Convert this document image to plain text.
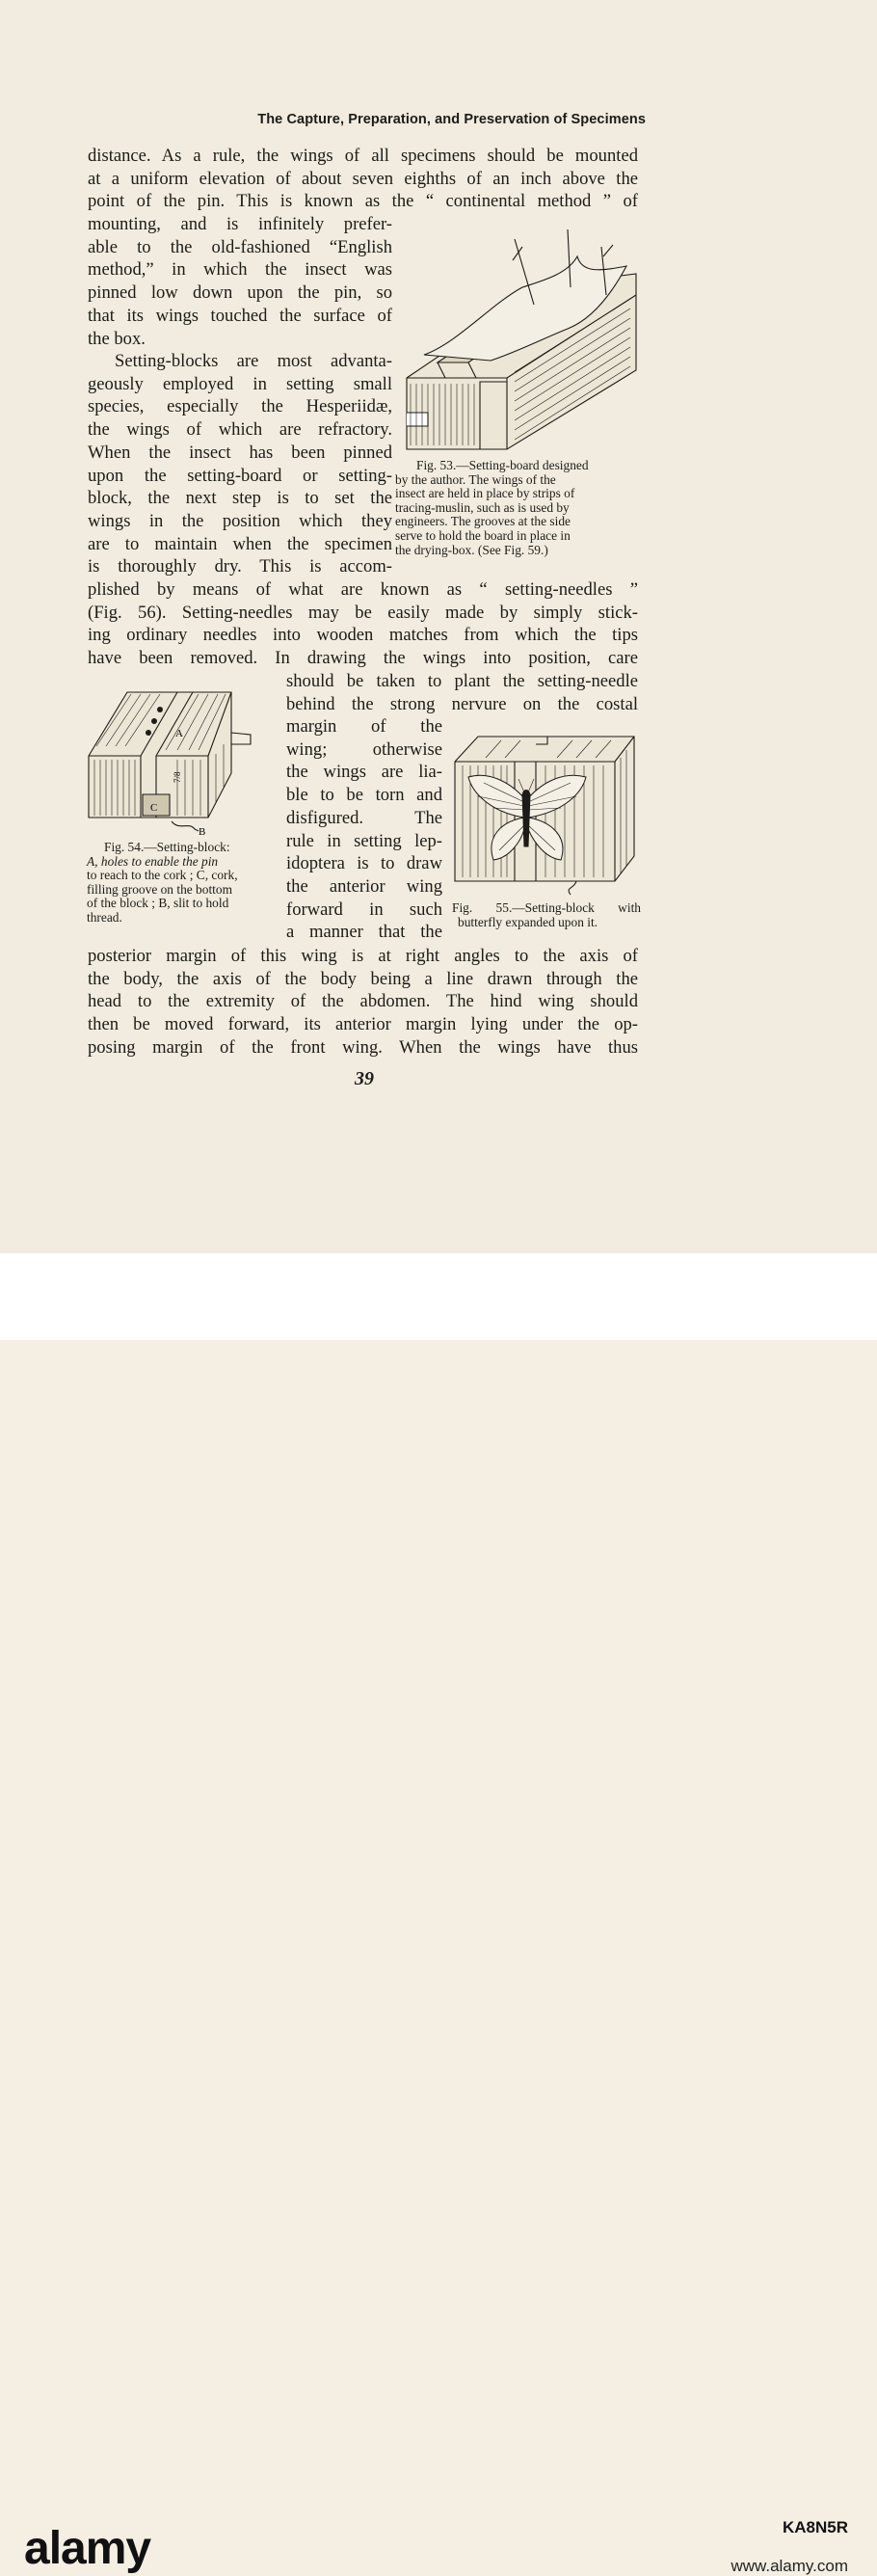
The Capture, Preparation, and Preservation of Specimens
distance. As a rule, the wings of all specimens should be mounted
at a uniform elevation of about seven eighths of an inch above the
point of the pin. This is known as the “ continental method ” of
mounting, and is infinitely prefer-
able to the old-fashioned “English
method,” in which the insect was
pinned low down upon the pin, so
that its wings touched the surface of
the box.
Setting-blocks are most advanta-
geously employed in setting small
species, especially the Hesperiidæ,
the wings of which are refractory.
When the insect has been pinned
upon the setting-board or setting-
block, the next step is to set the
wings in the position which they
are to maintain when the specimen
is thoroughly dry. This is accom-
plished by means of what are known as “ setting-needles ”
(Fig. 56). Setting-needles may be easily made by simply stick-
ing ordinary needles into wooden matches from which the tips
have been removed. In drawing the wings into position, care
should be taken to plant the setting-needle
behind the strong nervure on the costal
margin of the
wing; otherwise
the wings are lia-
ble to be torn and
disfigured. The
rule in setting lep-
idoptera is to draw
the anterior wing
forward in such
a manner that the
posterior margin of this wing is at right angles to the axis of
the body, the axis of the body being a line drawn through the
head to the extremity of the abdomen. The hind wing should
then be moved forward, its anterior margin lying under the op-
posing margin of the front wing. When the wings have thus
Fig. 53.—Setting-board designed
by the author. The wings of the
insect are held in place by strips of
tracing-muslin, such as is used by
engineers. The grooves at the side
serve to hold the board in place in
the drying-box. (See Fig. 59.)
A
C
B
7/8
Fig. 54.—Setting-block:
A, holes to enable the pin
to reach to the cork ; C, cork,
filling groove on the bottom
of the block ; B, slit to hold
thread.
Fig. 55.—Setting-block with
butterfly expanded upon it.
39
alamy	KA8N5R
www.alamy.com
